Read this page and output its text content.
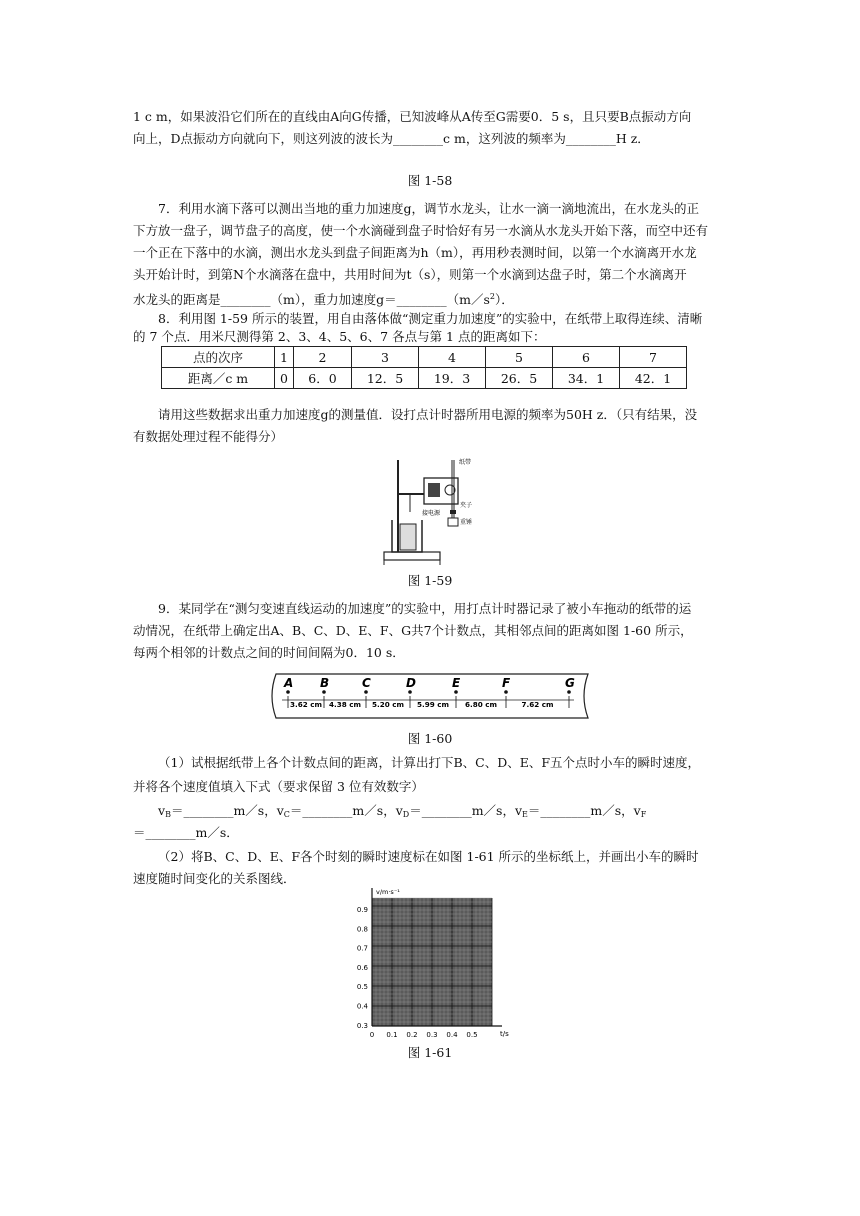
1 c m，如果波沿它们所在的直线由A向G传播，已知波峰从A传至G需要0．5 s，且只要B点振动方向

向上，D点振动方向就向下，则这列波的波长为________c m，这列波的频率为________H z．

图 1-58

7．利用水滴下落可以测出当地的重力加速度g，调节水龙头，让水一滴一滴地流出，在水龙头的正

下方放一盘子，调节盘子的高度，使一个水滴碰到盘子时恰好有另一水滴从水龙头开始下落，而空中还有

一个正在下落中的水滴，测出水龙头到盘子间距离为h（m），再用秒表测时间，以第一个水滴离开水龙

头开始计时，到第N个水滴落在盘中，共用时间为t（s），则第一个水滴到达盘子时，第二个水滴离开

水龙头的距离是________（m），重力加速度$g=\_\_\_\_\_\_\_\_(m/s^2)$．

8．利用图 1-59 所示的装置，用自由落体做“测定重力加速度”的实验中，在纸带上取得连续、清晰

的 7 个点．用米尺测得第 2、3、4、5、6、7 各点与第 1 点的距离如下：

点的次序	1	2	3	4	5	6	7
距离／c m	0	6．0	12．5	19．3	26．5	34．1	42．1

请用这些数据求出重力加速度g的测量值．设打点计时器所用电源的频率为50H z．（只有结果，没

有数据处理过程不能得分）

纸带
夹子
重锤
接电源

图 1-59

9．某同学在“测匀变速直线运动的加速度”的实验中，用打点计时器记录了被小车拖动的纸带的运

动情况，在纸带上确定出A、B、C、D、E、F、G共7个计数点，其相邻点间的距离如图 1-60 所示，

每两个相邻的计数点之间的时间间隔为0．10 s．

A B	C	D	E	F	G
3.62 cm 4.38 cm 5.20 cm 5.99 cm 6.80 cm	7.62 cm

图 1-60

（1）试根据纸带上各个计数点间的距离，计算出打下B、C、D、E、F五个点时小车的瞬时速度，

并将各个速度值填入下式（要求保留 3 位有效数字）

$v_B=\_\_\_\_\_\_\_\_m/s$，$v_C=\_\_\_\_\_\_\_\_m/s$，$v_D=\_\_\_\_\_\_\_\_m/s$，$v_E=\_\_\_\_\_\_\_\_m/s$，$v_F$

＝________m／s．

（2）将B、C、D、E、F各个时刻的瞬时速度标在如图 1-61 所示的坐标纸上，并画出小车的瞬时

速度随时间变化的关系图线．

v/m·s⁻¹
t/s
0.9
0.8
0.7
0.6
0.5
0.4
0.3
0 0.1 0.2 0.3 0.4 0.5

图 1-61
